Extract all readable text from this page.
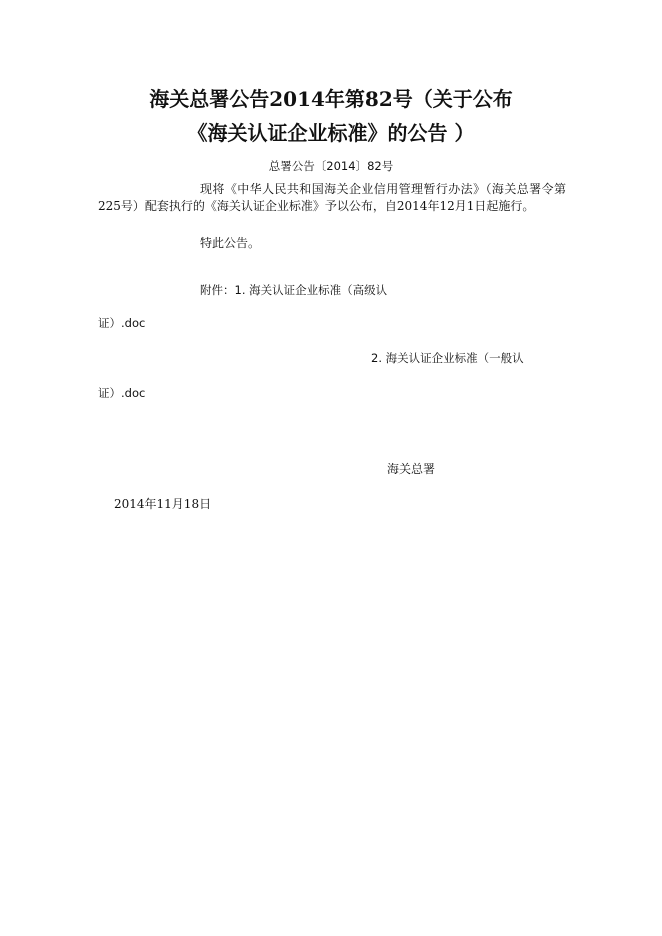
海关总署公告2014年第82号（关于公布
《海关认证企业标准》的公告 ）
总署公告〔2014〕82号
现将《中华人民共和国海关企业信用管理暂行办法》（海关总署令第225号）配套执行的《海关认证企业标准》予以公布，自2014年12月1日起施行。
特此公告。
附件：1. 海关认证企业标准（高级认
证）.doc
2. 海关认证企业标准（一般认
证）.doc
海关总署
2014年11月18日
